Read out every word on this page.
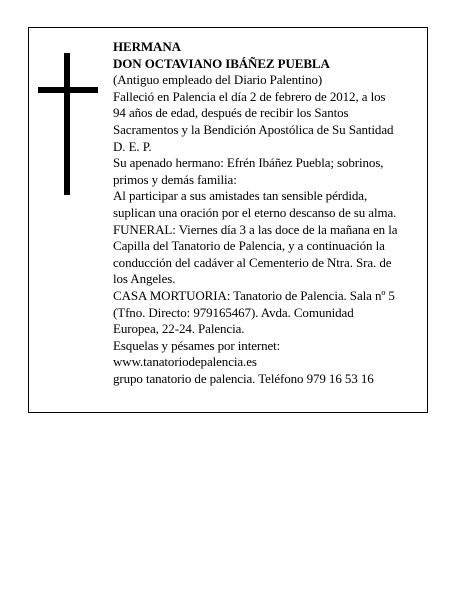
HERMANA
DON OCTAVIANO IBÁÑEZ PUEBLA
(Antiguo empleado del Diario Palentino)
Falleció en Palencia el día 2 de febrero de 2012, a los
94 años de edad, después de recibir los Santos
Sacramentos y la Bendición Apostólica de Su Santidad
D. E. P.
Su apenado hermano: Efrén Ibáñez Puebla; sobrinos,
primos y demás familia:
Al participar a sus amistades tan sensible pérdida,
suplican una oración por el eterno descanso de su alma.
FUNERAL: Viernes día 3 a las doce de la mañana en la
Capilla del Tanatorio de Palencia, y a continuación la
conducción del cadáver al Cementerio de Ntra. Sra. de
los Angeles.
CASA MORTUORIA: Tanatorio de Palencia. Sala nº 5
(Tfno. Directo: 979165467). Avda. Comunidad
Europea, 22-24. Palencia.
Esquelas y pésames por internet:
www.tanatoriodepalencia.es
grupo tanatorio de palencia. Teléfono 979 16 53 16
